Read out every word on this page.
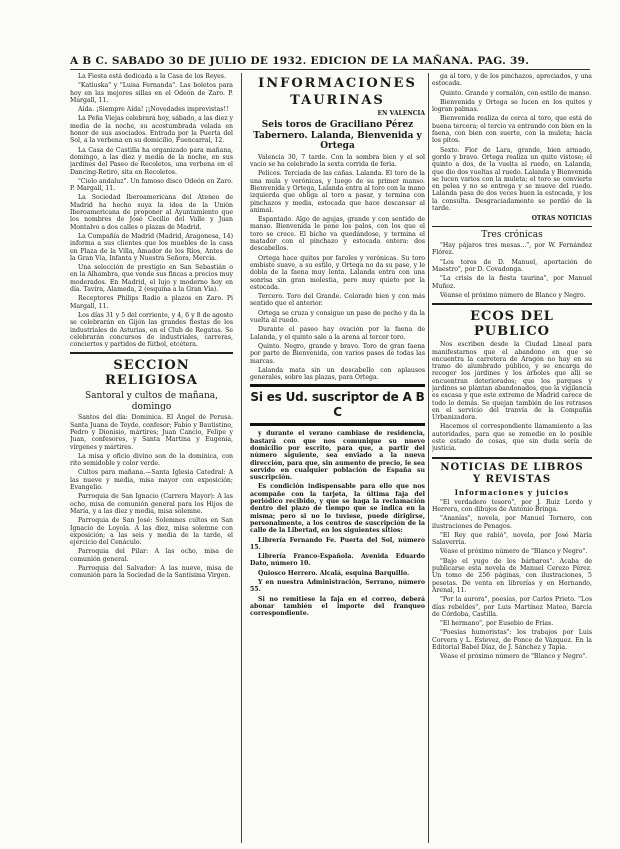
A B C. SABADO 30 DE JULIO DE 1932. EDICION DE LA MAÑANA. PAG. 39.

La Fiesta está dedicada a la Casa de los Reyes.

"Katiuska" y "Luisa Fernanda". Las boletos para hoy en las mejores sillas en el Odeón de Zaro. P. Margall, 11.

Aída. ¡Siempre Aída! ¡¡Novedades imprevistas!!

La Peña Viejas celebrará hoy, sábado, a las diez y media de la noche, su acostumbrada velada en honor de sus asociados. Entrada por la Puerta del Sol, a la verbena en su domicilio, Fuencarral, 12.

La Casa de Castilla ha organizado para mañana, domingo, a las diez y media de la noche, en sus jardines del Paseo de Recoletos, una verbena en el Dancing-Retiro, sita en Recoletos.

"Cielo andaluz". Un famoso disco Odeón en Zaro. P. Margall, 11.

La Sociedad Iberoamericana del Ateneo de Madrid ha hecho suya la idea de la Unión Iberoamericana de proponer al Ayuntamiento que los nombres de José Cecilio del Valle y Juan Montalvo a dos calles o plazas de Madrid.

La Compañía de Madrid (Madrid, Aragonesa, 14) informa a sus clientes que los muebles de la casa en Plaza de la Villa, Amador de los Ríos, Antes de la Gran Vía, Infanta y Nuestra Señora, Mercia.

Una selección de prestigio en San Sebastián o en la Alhambra, que vende sus fincas a precios muy moderados. En Madrid, el lujo y moderno hoy en día. Tavira, Alameda, 2 (esquina a la Gran Vía).

Receptores Philips Radio a plazos en Zaro. Pi Margall, 11.

Los días 31 y 5 del corriente, y 4, 6 y 8 de agosto se celebrarán en Gijón las grandes fiestas de los industriales de Asturias, en el Club de Regatas. Se celebrarán concursos de industriales, carreras, conciertos y partidos de fútbol, etcétera.

SECCION RELIGIOSA
Santoral y cultos de mañana, domingo

Santos del día: Dominica. El Ángel de Perusa. Santa Juana de Teyde, confesor; Fabio y Bautistino, Pedro y Dionisio, mártires; Juan Cancio, Felipe y Juan, confesores, y Santa Martina y Eugenia, vírgenes y mártires.

La misa y oficio divino son de la dominica, con rito semidoble y color verde.

Cultos para mañana.—Santa Iglesia Catedral: A las nueve y media, misa mayor con exposición; Evangelio.

Parroquia de San Ignacio (Carrera Mayor): A las ocho, misa de comunión general para los Hijos de María, y a las diez y media, misa solemne.

Parroquia de San José: Solemnes cultos en San Ignacio de Loyola. A las diez, misa solemne con exposición; a las seis y media de la tarde, el ejercicio del Cenáculo.

Parroquia del Pilar: A las ocho, misa de comunión general.

Parroquia del Salvador: A las nueve, misa de comunión para la Sociedad de la Santísima Virgen.

INFORMACIONES
TAURINAS
EN VALENCIA
Seis toros de Graciliano Pérez Tabernero. Lalanda, Bienvenida y Ortega

Valencia 30, 7 tarde. Con la sombra bien y el sol vacío se ha celebrado la sexta corrida de feria.

Pelices. Terciada de las cañas. Lalanda. El toro de la una mula y verónicas, y luego de su primer manso. Bienvenida y Ortega, Lalanda entra al toro con la mano izquierda que obliga al toro a pasar, y termina con pinchazos y media, estocada que hace descansar al animal.

Espantado. Algo de agujas, grande y con sentido de manso. Bienvenida le pone los palos, con los que el toro se crece. El bicho va quedándose, y termina el matador con el pinchazo y estocada entera: dos descabellos.

Ortega hace quites por faroles y verónicas. Su toro embiste suave, a su estilo, y Ortega no da su pase, y le dobla de la faena muy lenta. Lalanda entra con una sonrisa sin gran molestia, pero muy quieto por la estocada.

Tercero. Toro del Grande. Colorado bien y con más sentido que el anterior.

Ortega se cruza y consigue un pase de pecho y da la vuelta al ruedo.

Durante el paseo hay ovación por la faena de Lalanda, y el quinto sale a la arena al tercer toro.

Quinto. Negro, grande y bravo. Toro de gran faena por parte de Bienvenida, con varios pases de todas las marcas.

Lalanda mata sin un descabello con aplausos generales, sobre las plazas, para Ortega.

Si es Ud. suscriptor de A B C

y durante el verano cambiase de residencia, bastará con que nos comunique su nuevo domicilio por escrito, para que, a partir del número siguiente, sea enviado a la nueva dirección, para que, sin aumento de precio, le sea servido en cualquier población de España su suscripción.

Es condición indispensable para ello que nos acompañe con la tarjeta, la última faja del periódico recibido, y que se haga la reclamación dentro del plazo de tiempo que se indica en la misma; pero si no lo tuviese, puede dirigirse, personalmente, a los centros de suscripción de la calle de la Libertad, en los siguientes sitios:

Librería Fernando Fe. Puerta del Sol, número 15.

Librería Franco-Española. Avenida Eduardo Dato, número 10.

Quiosco Herrero. Alcalá, esquina Barquillo.

Y en nuestra Administración, Serrano, número 55.

Si no remitiese la faja en el correo, deberá abonar también el importe del franqueo correspondiente.

ga al toro, y de los pinchazos, apreciados, y una estocada.

Quinto. Grande y cornalón, con estilo de manso.

Bienvenida y Ortega se lucen en los quites y logran palmas.

Bienvenida realiza de cerca al toro, que está de buena tercera; el tercio va entrando con bien en la faena, con bien con suerte, con la muleta; hacía los pitos.

Sexto. Flor de Lara, grande, bien armado, gordo y bravo. Ortega realiza un quite vistoso; el quinto a dos, de la vuelta al ruedo, en Lalanda, que dio dos vueltas al ruedo. Lalanda y Bienvenida se lucen varios con la muleta; el toro se convierte en pelea y no se entrega y se mueve del ruedo. Lalanda pasa de dos veces buen la estocada, y los la consulta. Desgraciadamente se perdió de la tarde.

OTRAS NOTICIAS
Tres crónicas

"Hay pájaros tres mesas...", por W. Fernández Flórez.

"Los toros de D. Manuel, aportación de Maestro", por D. Covadonga.

"La crisis de la fiesta taurina", por Manuel Muñoz.

Véanse el próximo número de Blanco y Negro.

ECOS DEL PUBLICO

Nos escriben desde la Ciudad Lineal para manifestarnos que el abandono en que se encuentra la carretera de Aragón no hay en su tramo de alumbrado público, y se encarga de recoger los jardines y los árboles que allí se encuentran deteriorados; que los parques y jardines se plantan abandonados, que la vigilancia es escasa y que este extremo de Madrid carece de todo lo demás. Se quejan también de los retrasos en el servicio del tranvía de la Compañía Urbanizadora.

Hacemos el correspondiente llamamiento a las autoridades, para que se remedie en lo posible este estado de cosas, que sin duda sería de justicia.

NOTICIAS DE LIBROS
Y REVISTAS
Informaciones y juicios

"El verdadero tesoro", por J. Ruiz Lerdo y Herrera, con dibujos de Antonio Bringa.

"Ananías", novela, por Manuel Tornero, con ilustraciones de Penagos.

"El Rey que rabió", novela, por José María Salaverría.

Véase el próximo número de "Blanco y Negro".

"Bajo el yugo de los bárbaros". Acaba de publicarse esta novela de Manuel Cerezo Pérez. Un tomo de 256 páginas, con ilustraciones, 5 pesetas. De venta en librerías y en Hernando, Arenal, 11.

"Por la aurora", poesías, por Carlos Prieto. "Los días rebeldes", por Luis Martínez Mateo, Barcia de Córdoba, Castilla.

"El hermano", por Eusebio de Frías.

"Poesías humoristas": los trabajos por Luis Corvera y L. Estevez, de Ponce de Vázquez. En la Editorial Babel Díaz, de J. Sánchez y Tapia.

Véase el próximo número de "Blanco y Negro".
